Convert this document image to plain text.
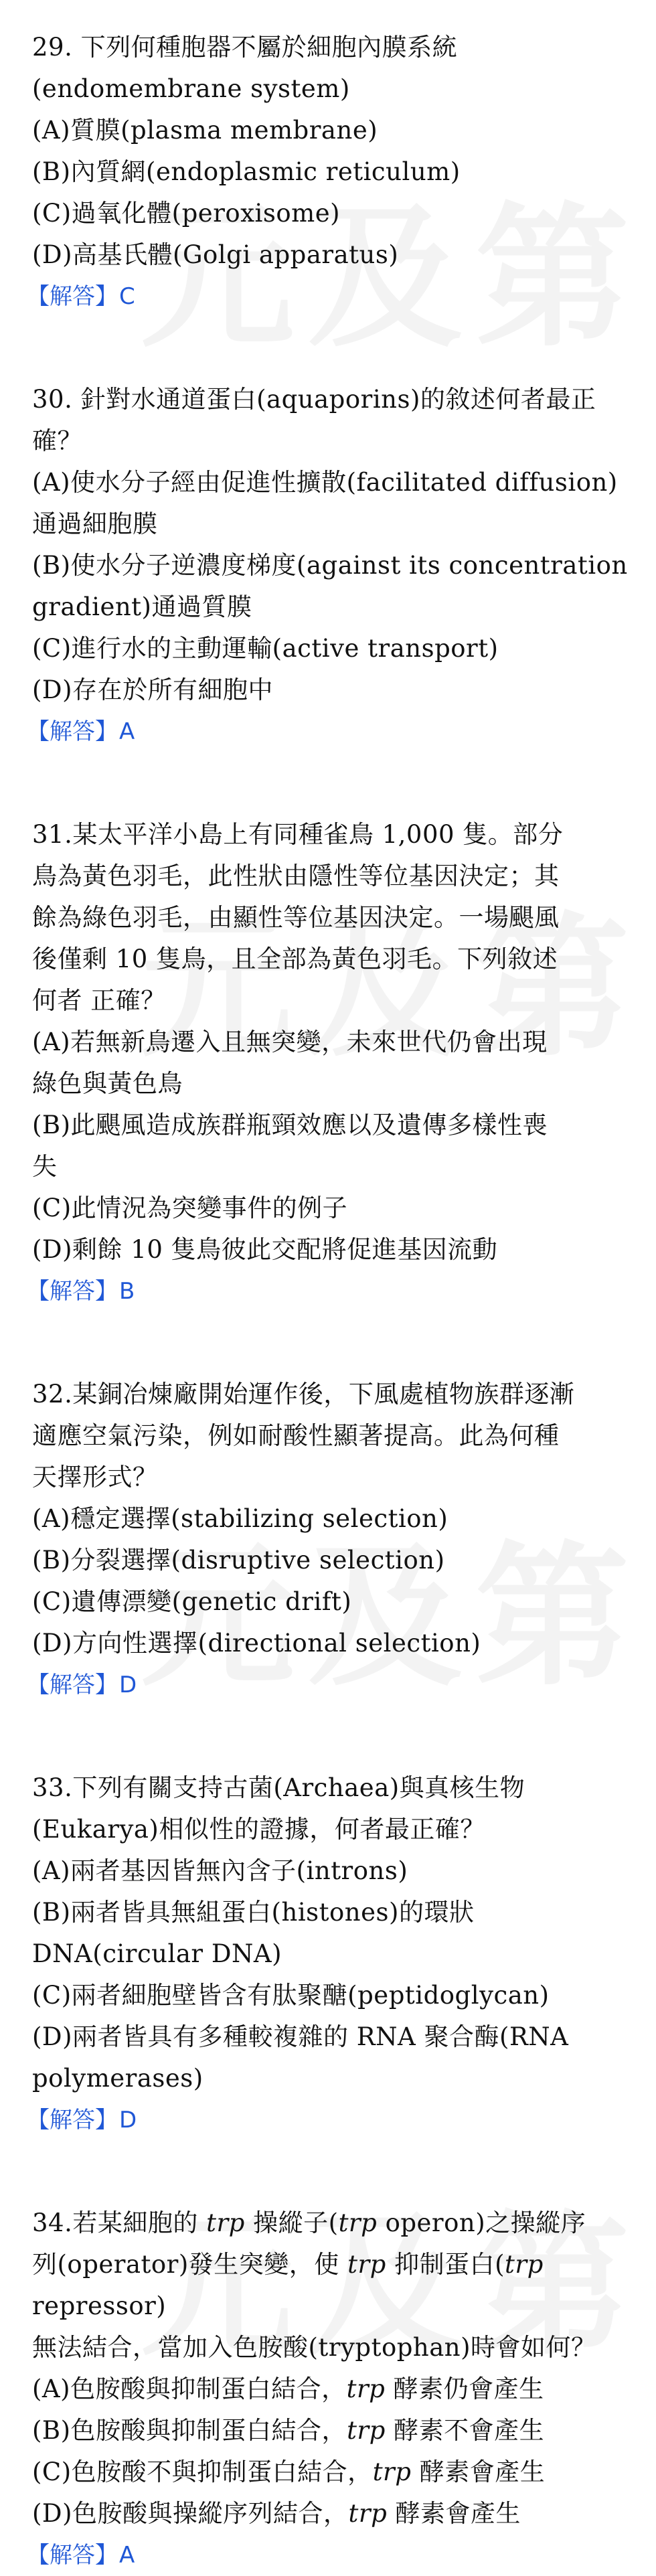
29. 下列何種胞器不屬於細胞內膜系統

(endomembrane system)

(A)質膜(plasma membrane)

(B)內質網(endoplasmic reticulum)

(C)過氧化體(peroxisome)

(D)高基氏體(Golgi apparatus)

【解答】C

30. 針對水通道蛋白(aquaporins)的敘述何者最正

確？

(A)使水分子經由促進性擴散(facilitated diffusion)

通過細胞膜

(B)使水分子逆濃度梯度(against its concentration

gradient)通過質膜

(C)進行水的主動運輸(active transport)

(D)存在於所有細胞中

【解答】A

31.某太平洋小島上有同種雀鳥 1,000 隻。部分

鳥為黃色羽毛，此性狀由隱性等位基因決定；其

餘為綠色羽毛，由顯性等位基因決定。一場颶風

後僅剩 10 隻鳥，且全部為黃色羽毛。下列敘述

何者 正確？

(A)若無新鳥遷入且無突變，未來世代仍會出現

綠色與黃色鳥

(B)此颶風造成族群瓶頸效應以及遺傳多樣性喪

失

(C)此情況為突變事件的例子

(D)剩餘 10 隻鳥彼此交配將促進基因流動

【解答】B

32.某銅冶煉廠開始運作後，下風處植物族群逐漸

適應空氣污染，例如耐酸性顯著提高。此為何種

天擇形式？

(A)穩定選擇(stabilizing selection)

(B)分裂選擇(disruptive selection)

(C)遺傳漂變(genetic drift)

(D)方向性選擇(directional selection)

【解答】D

33.下列有關支持古菌(Archaea)與真核生物

(Eukarya)相似性的證據，何者最正確？

(A)兩者基因皆無內含子(introns)

(B)兩者皆具無組蛋白(histones)的環狀

DNA(circular DNA)

(C)兩者細胞壁皆含有肽聚醣(peptidoglycan)

(D)兩者皆具有多種較複雜的 RNA 聚合酶(RNA

polymerases)

【解答】D

34.若某細胞的 trp 操縱子(trp operon)之操縱序

列(operator)發生突變，使 trp 抑制蛋白(trp

repressor)

無法結合，當加入色胺酸(tryptophan)時會如何？

(A)色胺酸與抑制蛋白結合，trp 酵素仍會產生

(B)色胺酸與抑制蛋白結合，trp 酵素不會產生

(C)色胺酸不與抑制蛋白結合，trp 酵素會產生

(D)色胺酸與操縱序列結合，trp 酵素會產生

【解答】A
